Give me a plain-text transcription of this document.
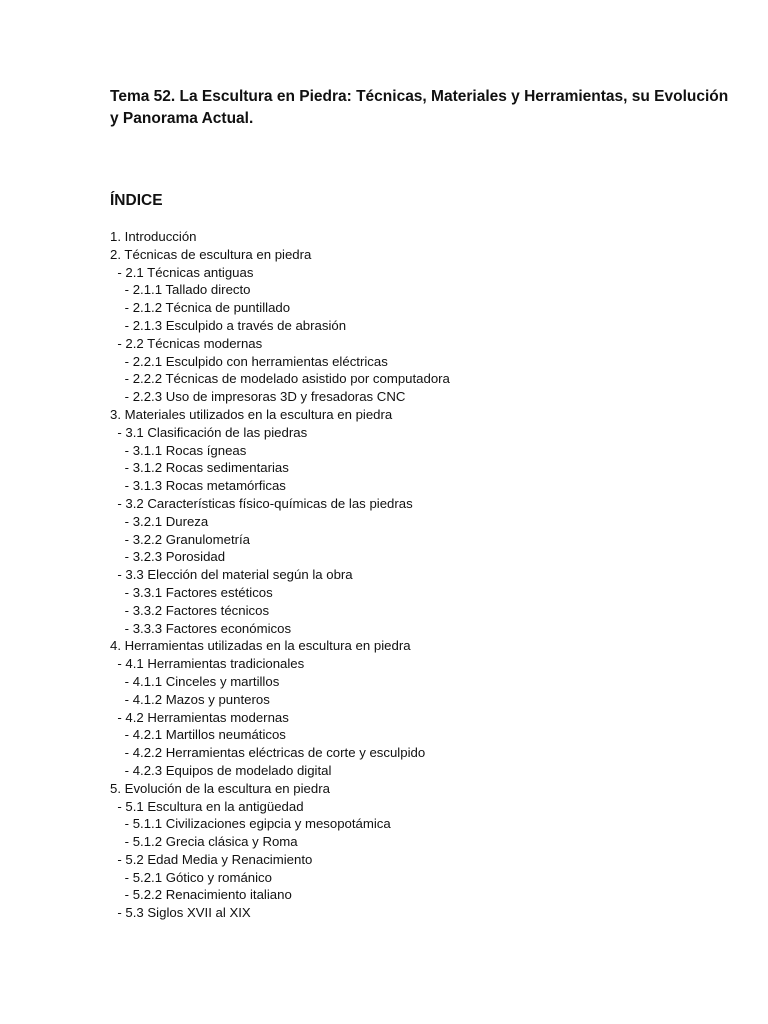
Tema 52. La Escultura en Piedra: Técnicas, Materiales y Herramientas, su Evolución y Panorama Actual.
ÍNDICE
1. Introducción
2. Técnicas de escultura en piedra
- 2.1 Técnicas antiguas
- 2.1.1 Tallado directo
- 2.1.2 Técnica de puntillado
- 2.1.3 Esculpido a través de abrasión
- 2.2 Técnicas modernas
- 2.2.1 Esculpido con herramientas eléctricas
- 2.2.2 Técnicas de modelado asistido por computadora
- 2.2.3 Uso de impresoras 3D y fresadoras CNC
3. Materiales utilizados en la escultura en piedra
- 3.1 Clasificación de las piedras
- 3.1.1 Rocas ígneas
- 3.1.2 Rocas sedimentarias
- 3.1.3 Rocas metamórficas
- 3.2 Características físico-químicas de las piedras
- 3.2.1 Dureza
- 3.2.2 Granulometría
- 3.2.3 Porosidad
- 3.3 Elección del material según la obra
- 3.3.1 Factores estéticos
- 3.3.2 Factores técnicos
- 3.3.3 Factores económicos
4. Herramientas utilizadas en la escultura en piedra
- 4.1 Herramientas tradicionales
- 4.1.1 Cinceles y martillos
- 4.1.2 Mazos y punteros
- 4.2 Herramientas modernas
- 4.2.1 Martillos neumáticos
- 4.2.2 Herramientas eléctricas de corte y esculpido
- 4.2.3 Equipos de modelado digital
5. Evolución de la escultura en piedra
- 5.1 Escultura en la antigüedad
- 5.1.1 Civilizaciones egipcia y mesopotámica
- 5.1.2 Grecia clásica y Roma
- 5.2 Edad Media y Renacimiento
- 5.2.1 Gótico y románico
- 5.2.2 Renacimiento italiano
- 5.3 Siglos XVII al XIX
